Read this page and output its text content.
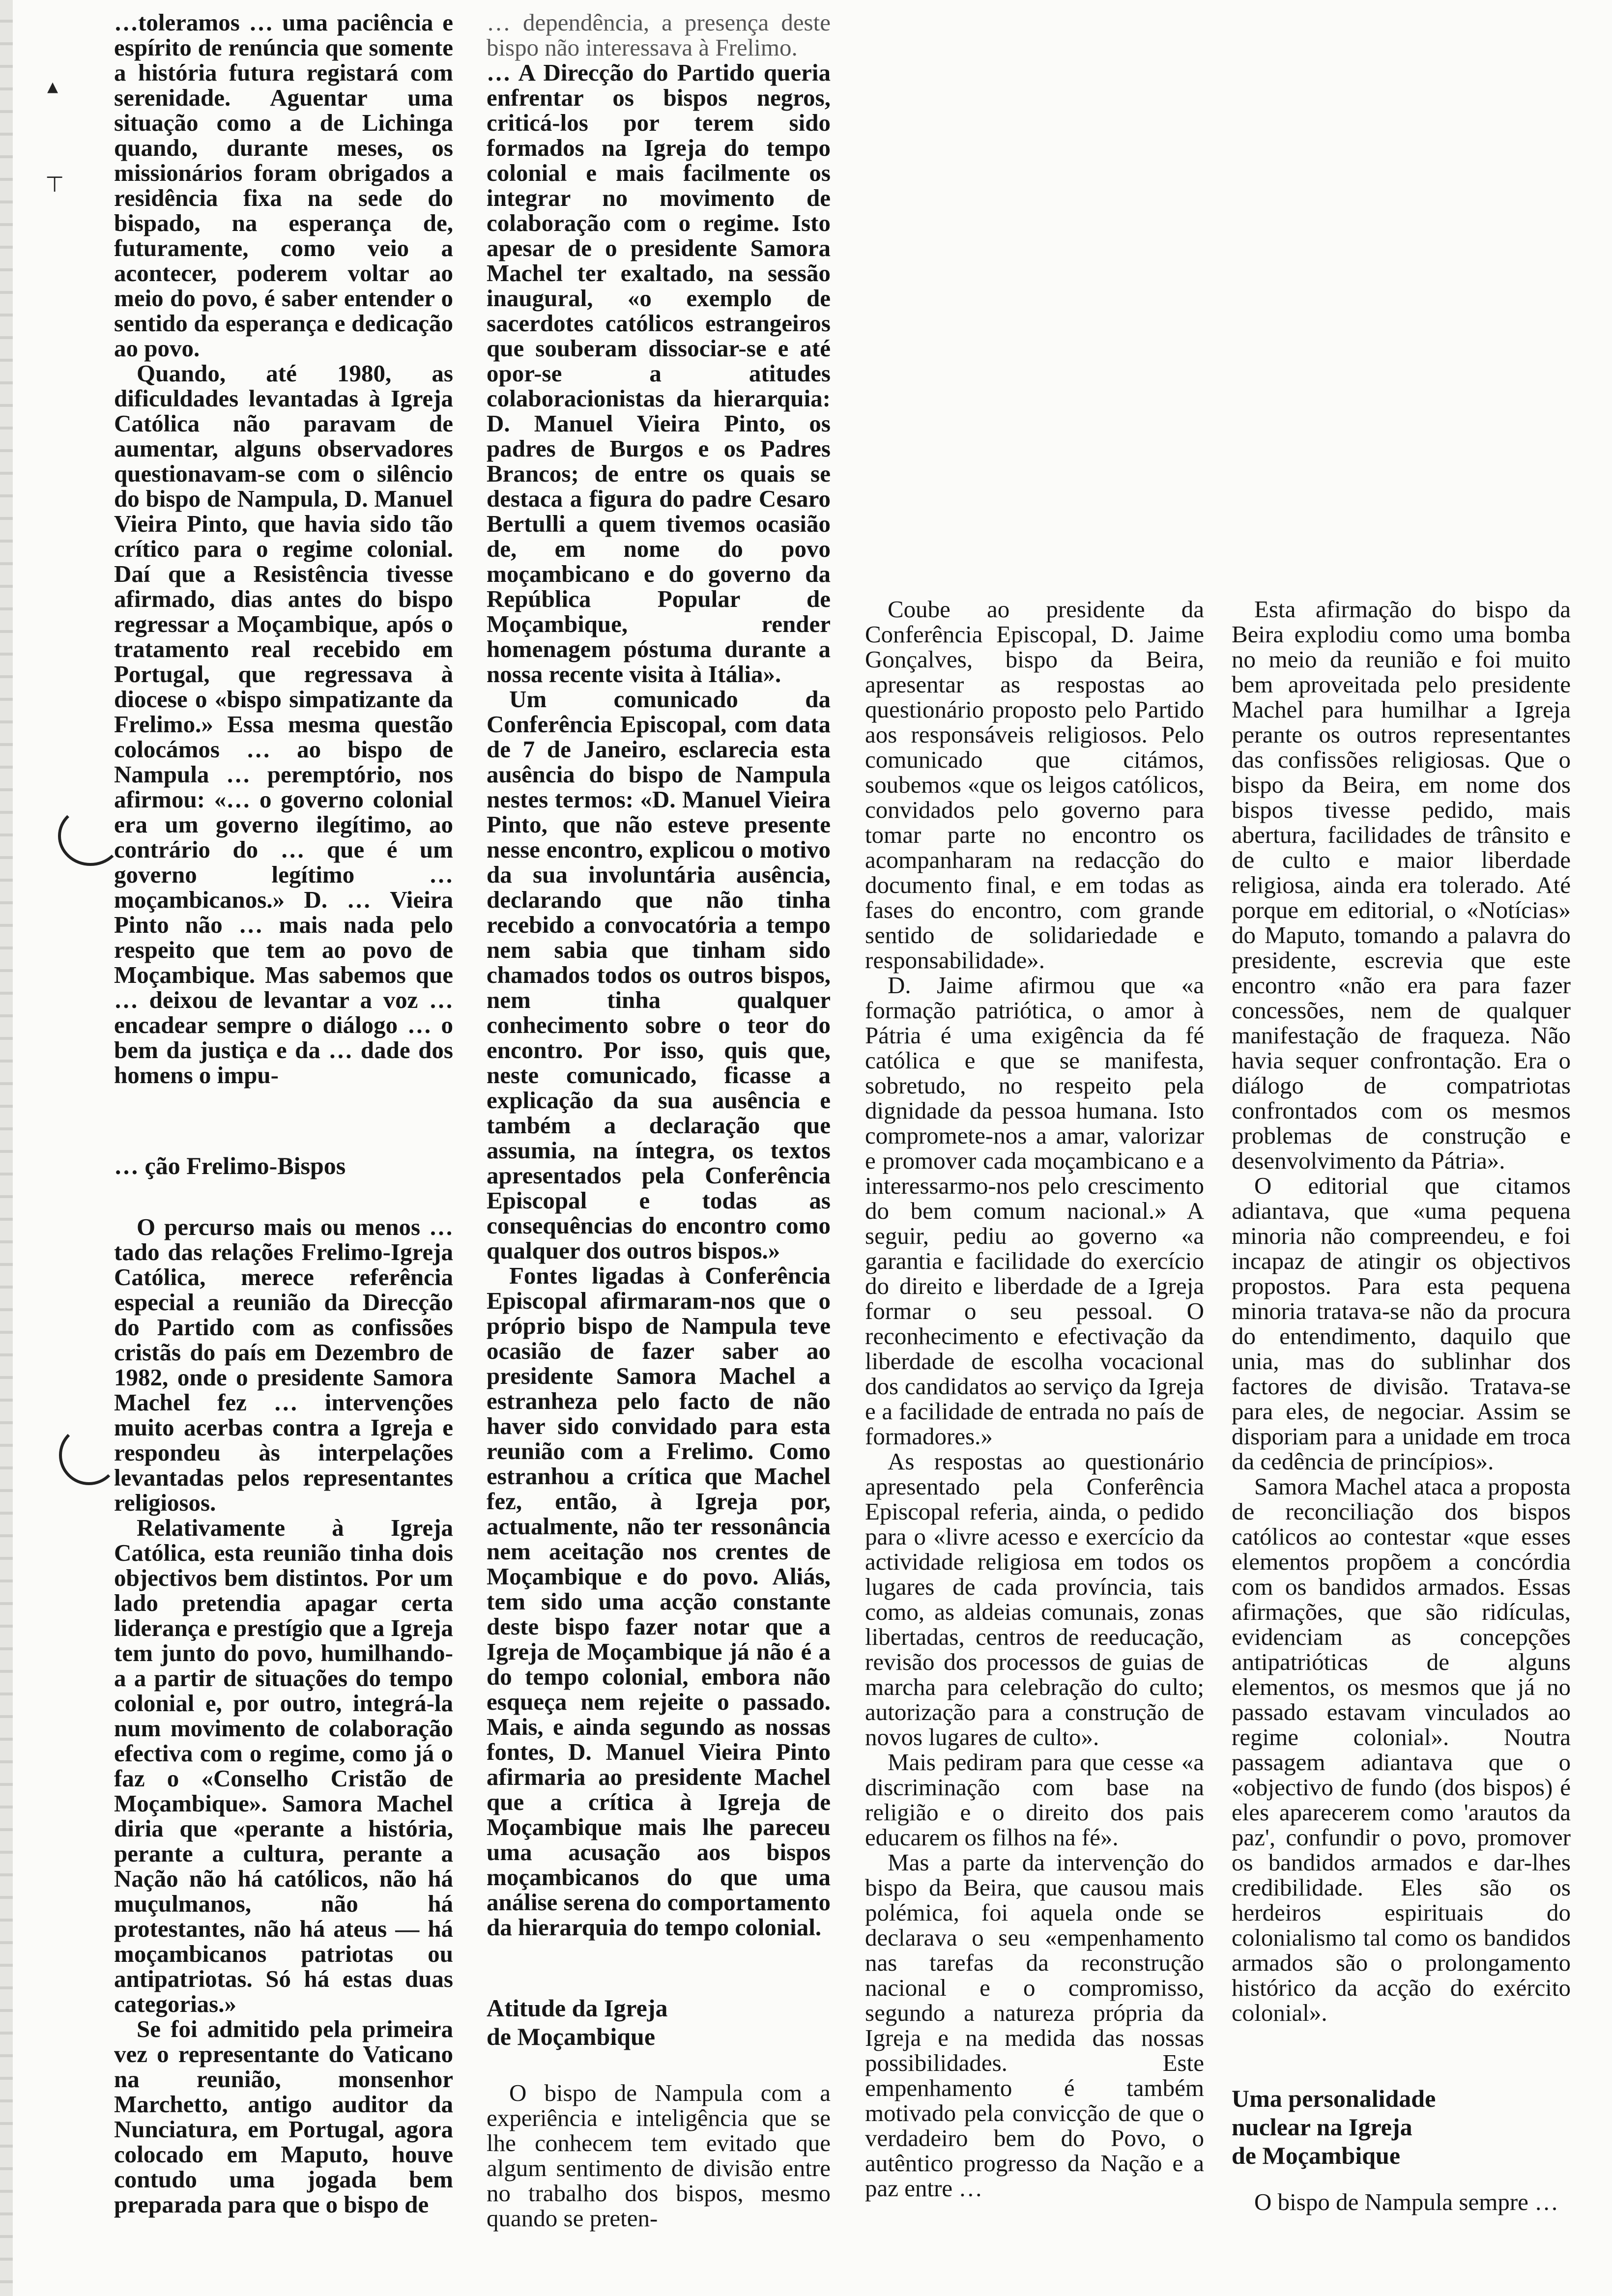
▴
⊤

…toleramos … uma paciência e espírito de renúncia que somente a história futura registará com serenidade. Aguentar uma situação como a de Lichinga quando, durante meses, os missionários foram obrigados a residência fixa na sede do bispado, na esperança de, futuramente, como veio a acontecer, poderem voltar ao meio do povo, é saber entender o sentido da esperança e dedicação ao povo.

Quando, até 1980, as dificuldades levantadas à Igreja Católica não paravam de aumentar, alguns observadores questionavam-se com o silêncio do bispo de Nampula, D. Manuel Vieira Pinto, que havia sido tão crítico para o regime colonial. Daí que a Resistência tivesse afirmado, dias antes do bispo regressar a Moçambique, após o tratamento real recebido em Portugal, que regressava à diocese o «bispo simpatizante da Frelimo.» Essa mesma questão colocámos … ao bispo de Nampula … peremptório, nos afirmou: «… o governo colonial era um governo ilegítimo, ao contrário do … que é um governo legítimo … moçambicanos.» D. … Vieira Pinto não … mais nada pelo respeito que tem ao povo de Moçambique. Mas sabemos que … deixou de levantar a voz … encadear sempre o diálogo … o bem da justiça e da … dade dos homens o impu-

… ção Frelimo-Bispos

O percurso mais ou menos … tado das relações Frelimo-Igreja Católica, merece referência especial a reunião da Direcção do Partido com as confissões cristãs do país em Dezembro de 1982, onde o presidente Samora Machel fez … intervenções muito acerbas contra a Igreja e respondeu às interpelações levantadas pelos representantes religiosos.

Relativamente à Igreja Católica, esta reunião tinha dois objectivos bem distintos. Por um lado pretendia apagar certa liderança e prestígio que a Igreja tem junto do povo, humilhando-a a partir de situações do tempo colonial e, por outro, integrá-la num movimento de colaboração efectiva com o regime, como já o faz o «Conselho Cristão de Moçambique». Samora Machel diria que «perante a história, perante a cultura, perante a Nação não há católicos, não há muçulmanos, não há protestantes, não há ateus — há moçambicanos patriotas ou antipatriotas. Só há estas duas categorias.»

Se foi admitido pela primeira vez o representante do Vaticano na reunião, monsenhor Marchetto, antigo auditor da Nunciatura, em Portugal, agora colocado em Maputo, houve contudo uma jogada bem preparada para que o bispo de

… dependência, a presença deste bispo não interessava à Frelimo.

… A Direcção do Partido queria enfrentar os bispos negros, criticá-los por terem sido formados na Igreja do tempo colonial e mais facilmente os integrar no movimento de colaboração com o regime. Isto apesar de o presidente Samora Machel ter exaltado, na sessão inaugural, «o exemplo de sacerdotes católicos estrangeiros que souberam dissociar-se e até opor-se a atitudes colaboracionistas da hierarquia: D. Manuel Vieira Pinto, os padres de Burgos e os Padres Brancos; de entre os quais se destaca a figura do padre Cesaro Bertulli a quem tivemos ocasião de, em nome do povo moçambicano e do governo da República Popular de Moçambique, render homenagem póstuma durante a nossa recente visita à Itália».

Um comunicado da Conferência Episcopal, com data de 7 de Janeiro, esclarecia esta ausência do bispo de Nampula nestes termos: «D. Manuel Vieira Pinto, que não esteve presente nesse encontro, explicou o motivo da sua involuntária ausência, declarando que não tinha recebido a convocatória a tempo nem sabia que tinham sido chamados todos os outros bispos, nem tinha qualquer conhecimento sobre o teor do encontro. Por isso, quis que, neste comunicado, ficasse a explicação da sua ausência e também a declaração que assumia, na íntegra, os textos apresentados pela Conferência Episcopal e todas as consequências do encontro como qualquer dos outros bispos.»

Fontes ligadas à Conferência Episcopal afirmaram-nos que o próprio bispo de Nampula teve ocasião de fazer saber ao presidente Samora Machel a estranheza pelo facto de não haver sido convidado para esta reunião com a Frelimo. Como estranhou a crítica que Machel fez, então, à Igreja por, actualmente, não ter ressonância nem aceitação nos crentes de Moçambique e do povo. Aliás, tem sido uma acção constante deste bispo fazer notar que a Igreja de Moçambique já não é a do tempo colonial, embora não esqueça nem rejeite o passado. Mais, e ainda segundo as nossas fontes, D. Manuel Vieira Pinto afirmaria ao presidente Machel que a crítica à Igreja de Moçambique mais lhe pareceu uma acusação aos bispos moçambicanos do que uma análise serena do comportamento da hierarquia do tempo colonial.

Atitude da Igreja
de Moçambique

O bispo de Nampula com a experiência e inteligência que se lhe conhecem tem evitado que algum sentimento de divisão entre no trabalho dos bispos, mesmo quando se preten-

Coube ao presidente da Conferência Episcopal, D. Jaime Gonçalves, bispo da Beira, apresentar as respostas ao questionário proposto pelo Partido aos responsáveis religiosos. Pelo comunicado que citámos, soubemos «que os leigos católicos, convidados pelo governo para tomar parte no encontro os acompanharam na redacção do documento final, e em todas as fases do encontro, com grande sentido de solidariedade e responsabilidade».

D. Jaime afirmou que «a formação patriótica, o amor à Pátria é uma exigência da fé católica e que se manifesta, sobretudo, no respeito pela dignidade da pessoa humana. Isto compromete-nos a amar, valorizar e promover cada moçambicano e a interessarmo-nos pelo crescimento do bem comum nacional.» A seguir, pediu ao governo «a garantia e facilidade do exercício do direito e liberdade de a Igreja formar o seu pessoal. O reconhecimento e efectivação da liberdade de escolha vocacional dos candidatos ao serviço da Igreja e a facilidade de entrada no país de formadores.»

As respostas ao questionário apresentado pela Conferência Episcopal referia, ainda, o pedido para o «livre acesso e exercício da actividade religiosa em todos os lugares de cada província, tais como, as aldeias comunais, zonas libertadas, centros de reeducação, revisão dos processos de guias de marcha para celebração do culto; autorização para a construção de novos lugares de culto».

Mais pediram para que cesse «a discriminação com base na religião e o direito dos pais educarem os filhos na fé».

Mas a parte da intervenção do bispo da Beira, que causou mais polémica, foi aquela onde se declarava o seu «empenhamento nas tarefas da reconstrução nacional e o compromisso, segundo a natureza própria da Igreja e na medida das nossas possibilidades. Este empenhamento é também motivado pela convicção de que o verdadeiro bem do Povo, o autêntico progresso da Nação e a paz entre …

Esta afirmação do bispo da Beira explodiu como uma bomba no meio da reunião e foi muito bem aproveitada pelo presidente Machel para humilhar a Igreja perante os outros representantes das confissões religiosas. Que o bispo da Beira, em nome dos bispos tivesse pedido, mais abertura, facilidades de trânsito e de culto e maior liberdade religiosa, ainda era tolerado. Até porque em editorial, o «Notícias» do Maputo, tomando a palavra do presidente, escrevia que este encontro «não era para fazer concessões, nem de qualquer manifestação de fraqueza. Não havia sequer confrontação. Era o diálogo de compatriotas confrontados com os mesmos problemas de construção e desenvolvimento da Pátria».

O editorial que citamos adiantava, que «uma pequena minoria não compreendeu, e foi incapaz de atingir os objectivos propostos. Para esta pequena minoria tratava-se não da procura do entendimento, daquilo que unia, mas do sublinhar dos factores de divisão. Tratava-se para eles, de negociar. Assim se disporiam para a unidade em troca da cedência de princípios».

Samora Machel ataca a proposta de reconciliação dos bispos católicos ao contestar «que esses elementos propõem a concórdia com os bandidos armados. Essas afirmações, que são ridículas, evidenciam as concepções antipatrióticas de alguns elementos, os mesmos que já no passado estavam vinculados ao regime colonial». Noutra passagem adiantava que o «objectivo de fundo (dos bispos) é eles aparecerem como 'arautos da paz', confundir o povo, promover os bandidos armados e dar-lhes credibilidade. Eles são os herdeiros espirituais do colonialismo tal como os bandidos armados são o prolongamento histórico da acção do exército colonial».

Uma personalidade
nuclear na Igreja
de Moçambique

O bispo de Nampula sempre …
